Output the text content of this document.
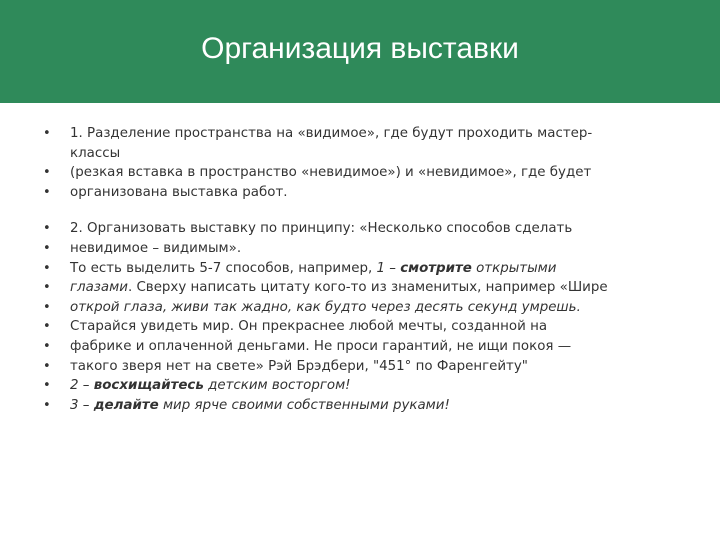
Организация выставки
• 1. Разделение пространства на «видимое», где будут проходить мастер-
классы
• (резкая вставка в пространство «невидимое») и «невидимое», где будет
• организована выставка работ.
• 2. Организовать выставку по принципу: «Несколько способов сделать
• невидимое – видимым».
• То есть выделить 5-7 способов, например, 1 – смотрите открытыми
• глазами. Сверху написать цитату кого-то из знаменитых, например «Шире
• открой глаза, живи так жадно, как будто через десять секунд умрешь.
• Старайся увидеть мир. Он прекраснее любой мечты, созданной на
• фабрике и оплаченной деньгами. Не проси гарантий, не ищи покоя —
• такого зверя нет на свете» Рэй Брэдбери, "451° по Фаренгейту"
• 2 – восхищайтесь детским восторгом!
• 3 – делайте мир ярче своими собственными руками!
